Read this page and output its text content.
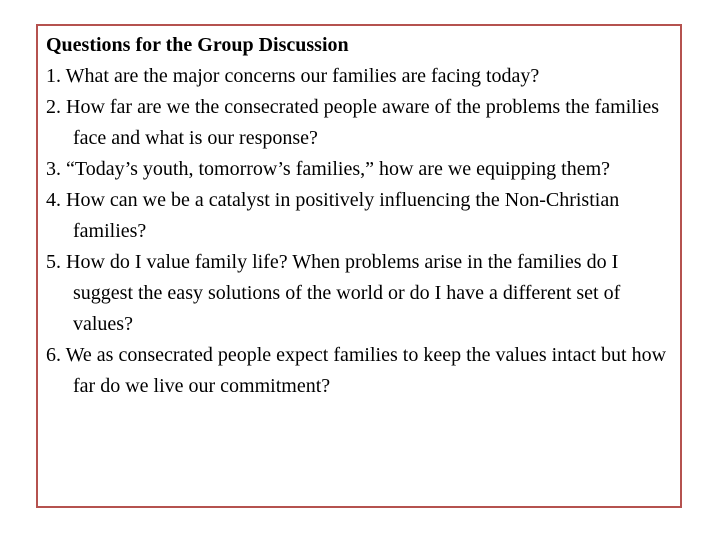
Questions for the Group Discussion

1. What are the major concerns our families are facing today?

2. How far are we the consecrated people aware of the problems the families face and what is our response?

3. “Today’s youth, tomorrow’s families,” how are we equipping them?

4. How can we be a catalyst in positively influencing the Non-Christian families?

5. How do I value family life? When problems arise in the families do I suggest the easy solutions of the world or do I have a different set of values?

6. We as consecrated people expect families to keep the values intact but how far do we live our commitment?
